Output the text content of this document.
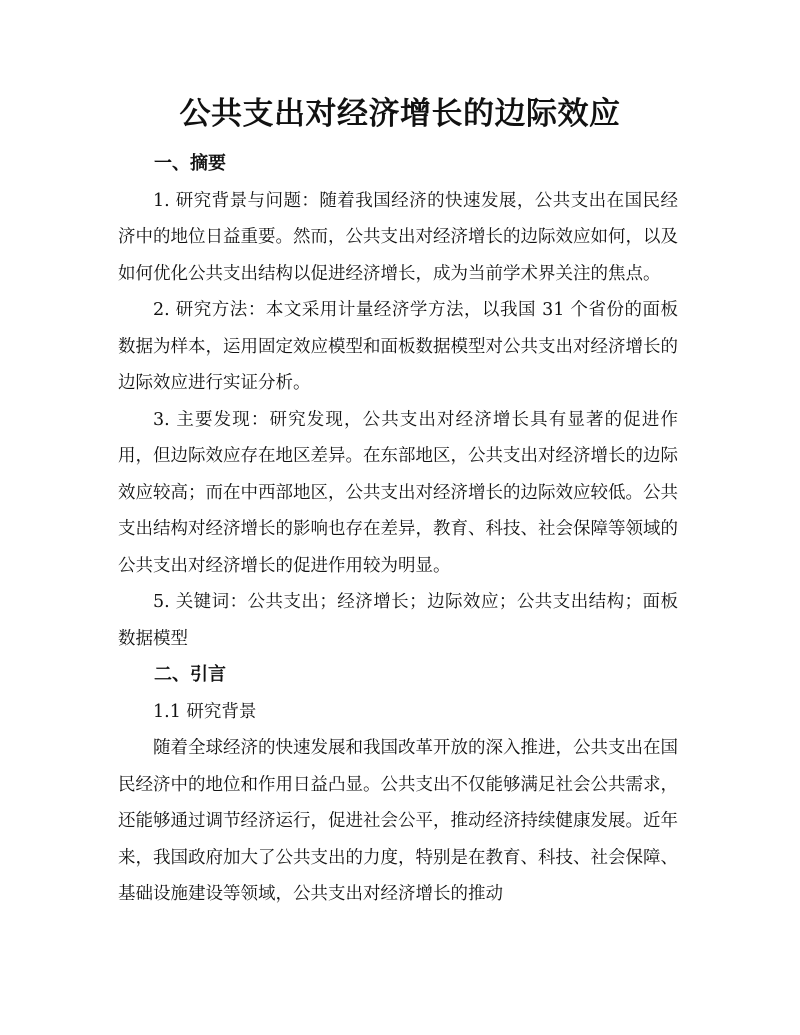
公共支出对经济增长的边际效应
一、摘要

1. 研究背景与问题：随着我国经济的快速发展，公共支出在国民经济中的地位日益重要。然而，公共支出对经济增长的边际效应如何，以及如何优化公共支出结构以促进经济增长，成为当前学术界关注的焦点。

2. 研究方法：本文采用计量经济学方法，以我国 31 个省份的面板数据为样本，运用固定效应模型和面板数据模型对公共支出对经济增长的边际效应进行实证分析。

3. 主要发现：研究发现，公共支出对经济增长具有显著的促进作用，但边际效应存在地区差异。在东部地区，公共支出对经济增长的边际效应较高；而在中西部地区，公共支出对经济增长的边际效应较低。公共支出结构对经济增长的影响也存在差异，教育、科技、社会保障等领域的公共支出对经济增长的促进作用较为明显。

5. 关键词：公共支出；经济增长；边际效应；公共支出结构；面板数据模型

二、引言
1.1 研究背景

随着全球经济的快速发展和我国改革开放的深入推进，公共支出在国民经济中的地位和作用日益凸显。公共支出不仅能够满足社会公共需求，还能够通过调节经济运行，促进社会公平，推动经济持续健康发展。近年来，我国政府加大了公共支出的力度，特别是在教育、科技、社会保障、基础设施建设等领域，公共支出对经济增长的推动
